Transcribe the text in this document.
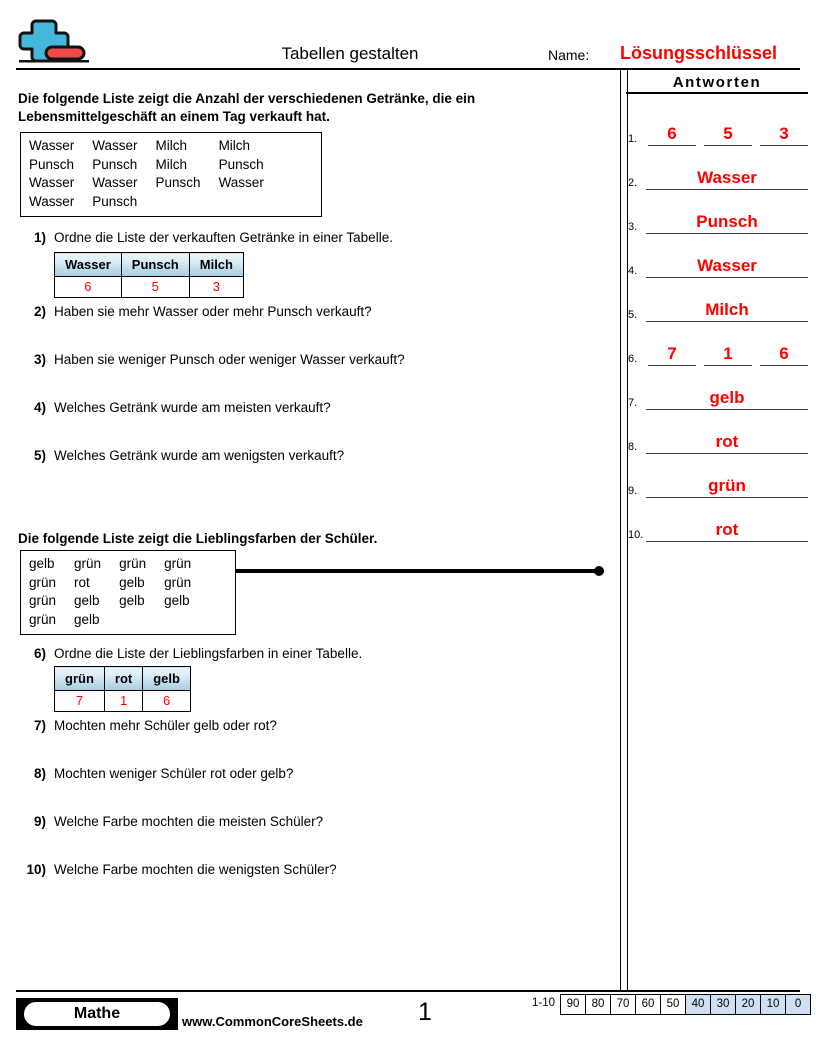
Tabellen gestalten	Name: Lösungsschlüssel
Die folgende Liste zeigt die Anzahl der verschiedenen Getränke, die ein
Lebensmittelgeschäft an einem Tag verkauft hat.
Wasser	Wasser	Milch	Milch
Punsch	Punsch	Milch	Punsch
Wasser	Wasser	Punsch	Wasser
Wasser	Punsch		
1) Ordne die Liste der verkauften Getränke in einer Tabelle.
Wasser	Punsch	Milch
6	5	3
2) Haben sie mehr Wasser oder mehr Punsch verkauft?
3) Haben sie weniger Punsch oder weniger Wasser verkauft?
4) Welches Getränk wurde am meisten verkauft?
5) Welches Getränk wurde am wenigsten verkauft?
Die folgende Liste zeigt die Lieblingsfarben der Schüler.
gelb	grün	grün	grün
grün	rot	gelb	grün
grün	gelb	gelb	gelb
grün	gelb		
6) Ordne die Liste der Lieblingsfarben in einer Tabelle.
grün	rot	gelb
7	1	6
7) Mochten mehr Schüler gelb oder rot?
8) Mochten weniger Schüler rot oder gelb?
9) Welche Farbe mochten die meisten Schüler?
10) Welche Farbe mochten die wenigsten Schüler?
Antworten
1.	6	5	3
2.	Wasser
3.	Punsch
4.	Wasser
5.	Milch
6.	7	1	6
7.	gelb
8.	rot
9.	grün
10.	rot
Mathe	www.CommonCoreSheets.de 1	1-10	90	80	70	60	50	40	30	20	10	0
